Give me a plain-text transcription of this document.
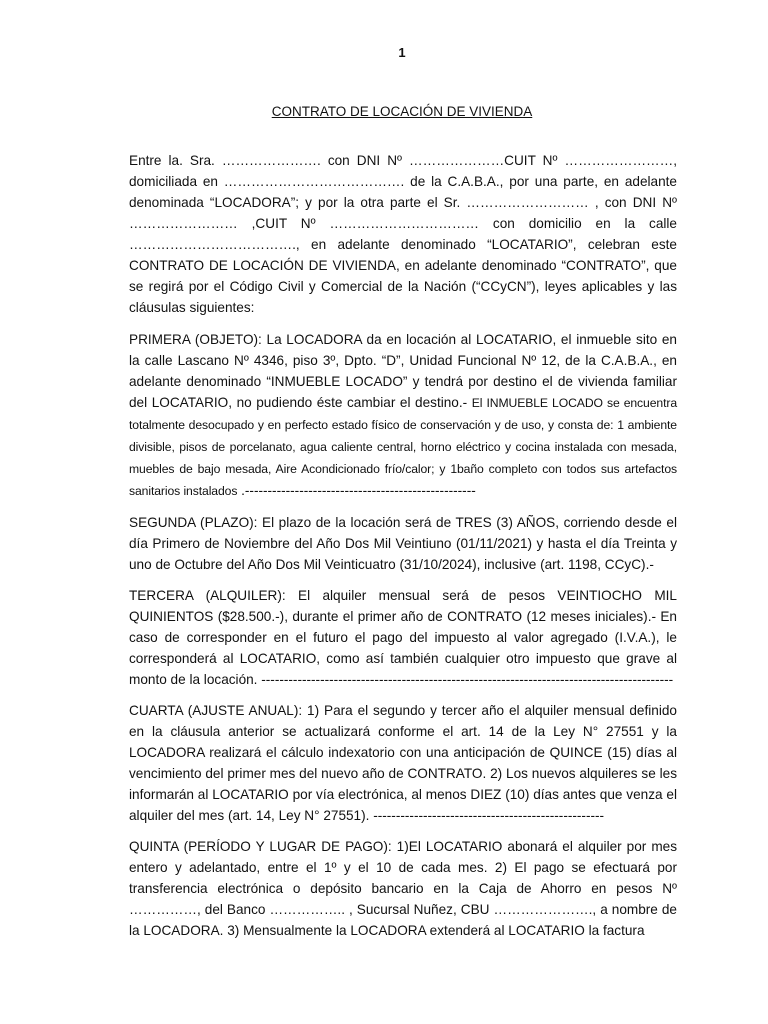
1
CONTRATO DE LOCACIÓN DE VIVIENDA

Entre la. Sra. …………………. con DNI Nº …………………CUIT Nº ……………………, domiciliada en …………………………………. de la C.A.B.A., por una parte, en adelante denominada “LOCADORA”; y por la otra parte el Sr. ……………………… , con DNI Nº …………………… ,CUIT Nº …………………………… con domicilio en la calle ………………………………., en adelante denominado “LOCATARIO”, celebran este CONTRATO DE LOCACIÓN DE VIVIENDA, en adelante denominado “CONTRATO”, que se regirá por el Código Civil y Comercial de la Nación (“CCyCN”), leyes aplicables y las cláusulas siguientes:

PRIMERA (OBJETO): La LOCADORA da en locación al LOCATARIO, el inmueble sito en la calle Lascano Nº 4346, piso 3º, Dpto. “D”, Unidad Funcional Nº 12, de la C.A.B.A., en adelante denominado “INMUEBLE LOCADO” y tendrá por destino el de vivienda familiar del LOCATARIO, no pudiendo éste cambiar el destino.- El INMUEBLE LOCADO se encuentra totalmente desocupado y en perfecto estado físico de conservación y de uso, y consta de: 1 ambiente divisible, pisos de porcelanato, agua caliente central, horno eléctrico y cocina instalada con mesada, muebles de bajo mesada, Aire Acondicionado frío/calor; y 1baño completo con todos sus artefactos sanitarios instalados .---------------------------------------------------

SEGUNDA (PLAZO): El plazo de la locación será de TRES (3) AÑOS, corriendo desde el día Primero de Noviembre del Año Dos Mil Veintiuno (01/11/2021) y hasta el día Treinta y uno de Octubre del Año Dos Mil Veinticuatro (31/10/2024), inclusive (art. 1198, CCyC).-

TERCERA (ALQUILER): El alquiler mensual será de pesos VEINTIOCHO MIL QUINIENTOS ($28.500.-), durante el primer año de CONTRATO (12 meses iniciales).- En caso de corresponder en el futuro el pago del impuesto al valor agregado (I.V.A.), le corresponderá al LOCATARIO, como así también cualquier otro impuesto que grave al monto de la locación. -------------------------------------------------------------------------------------------

CUARTA (AJUSTE ANUAL): 1) Para el segundo y tercer año el alquiler mensual definido en la cláusula anterior se actualizará conforme el art. 14 de la Ley N° 27551 y la LOCADORA realizará el cálculo indexatorio con una anticipación de QUINCE (15) días al vencimiento del primer mes del nuevo año de CONTRATO. 2) Los nuevos alquileres se les informarán al LOCATARIO por vía electrónica, al menos DIEZ (10) días antes que venza el alquiler del mes (art. 14, Ley N° 27551). ---------------------------------------------------

QUINTA (PERÍODO Y LUGAR DE PAGO): 1)El LOCATARIO abonará el alquiler por mes entero y adelantado, entre el 1º y el 10 de cada mes. 2) El pago se efectuará por transferencia electrónica o depósito bancario en la Caja de Ahorro en pesos Nº ……………, del Banco …………….. , Sucursal Nuñez, CBU …………………., a nombre de la LOCADORA. 3) Mensualmente la LOCADORA extenderá al LOCATARIO la factura
